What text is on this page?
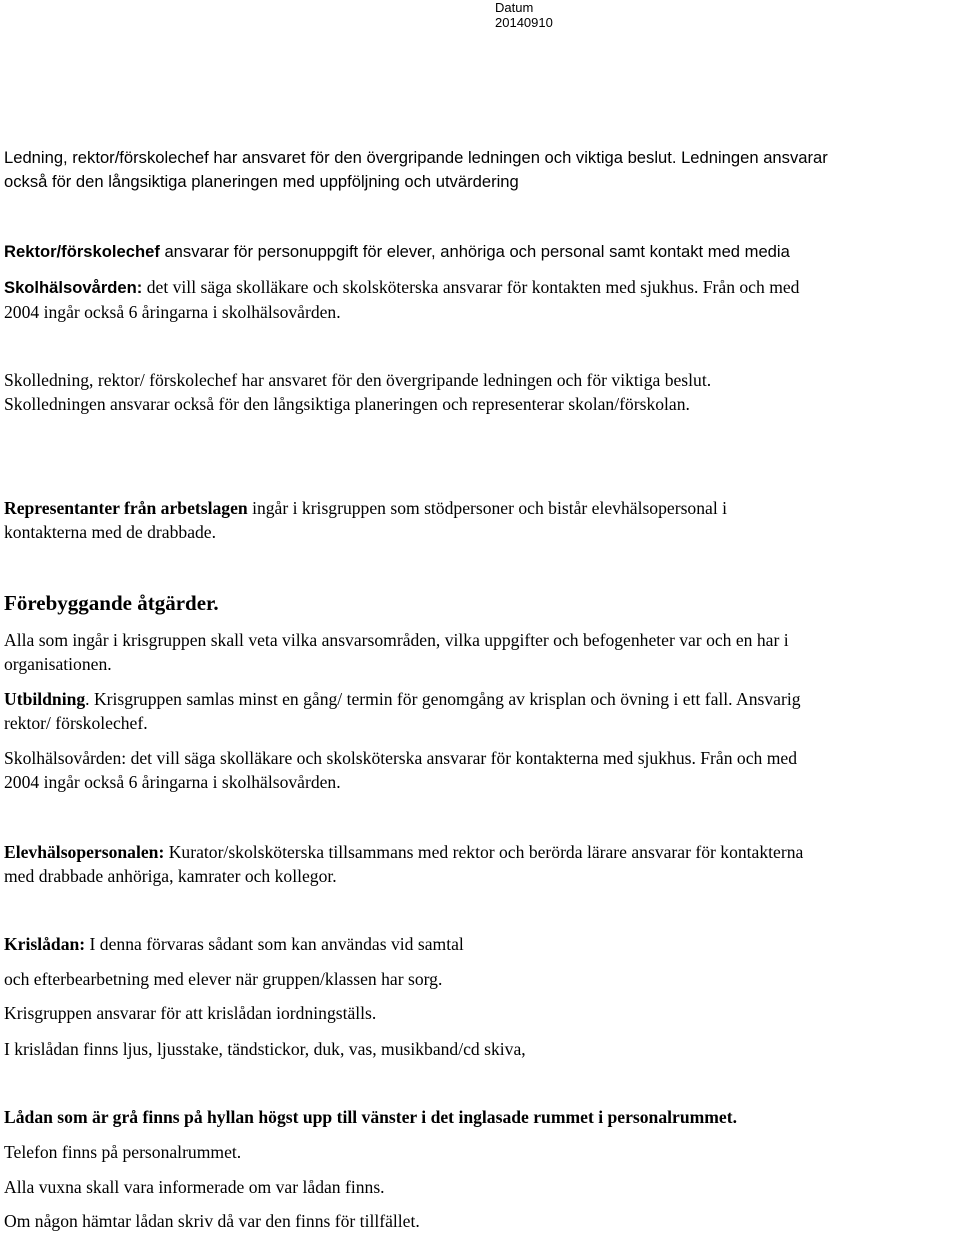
Datum
20140910
Ledning, rektor/förskolechef har ansvaret för den övergripande ledningen och viktiga beslut. Ledningen ansvarar
också för den långsiktiga planeringen med uppföljning och utvärdering
Rektor/förskolechef ansvarar för personuppgift för elever, anhöriga och personal samt kontakt med media
Skolhälsovården: det vill säga skolläkare och skolsköterska ansvarar för kontakten med sjukhus. Från och med
2004 ingår också 6 åringarna i skolhälsovården.
Skolledning, rektor/ förskolechef har ansvaret för den övergripande ledningen och för viktiga beslut.
Skolledningen ansvarar också för den långsiktiga planeringen och representerar skolan/förskolan.
Representanter från arbetslagen ingår i krisgruppen som stödpersoner och bistår elevhälsopersonal i
kontakterna med de drabbade.
Förebyggande åtgärder.
Alla som ingår i krisgruppen skall veta vilka ansvarsområden, vilka uppgifter och befogenheter var och en har i
organisationen.
Utbildning. Krisgruppen samlas minst en gång/ termin för genomgång av krisplan och övning i ett fall. Ansvarig
rektor/ förskolechef.
Skolhälsovården: det vill säga skolläkare och skolsköterska ansvarar för kontakterna med sjukhus. Från och med
2004 ingår också 6 åringarna i skolhälsovården.
Elevhälsopersonalen: Kurator/skolsköterska tillsammans med rektor och berörda lärare ansvarar för kontakterna
med drabbade anhöriga, kamrater och kollegor.
Krislådan: I denna förvaras sådant som kan användas vid samtal
och efterbearbetning med elever när gruppen/klassen har sorg.
Krisgruppen ansvarar för att krislådan iordningställs.
I krislådan finns ljus, ljusstake, tändstickor, duk, vas, musikband/cd skiva,
Lådan som är grå finns på hyllan högst upp till vänster i det inglasade rummet i personalrummet.
Telefon finns på personalrummet.
Alla vuxna skall vara informerade om var lådan finns.
Om någon hämtar lådan skriv då var den finns för tillfället.
